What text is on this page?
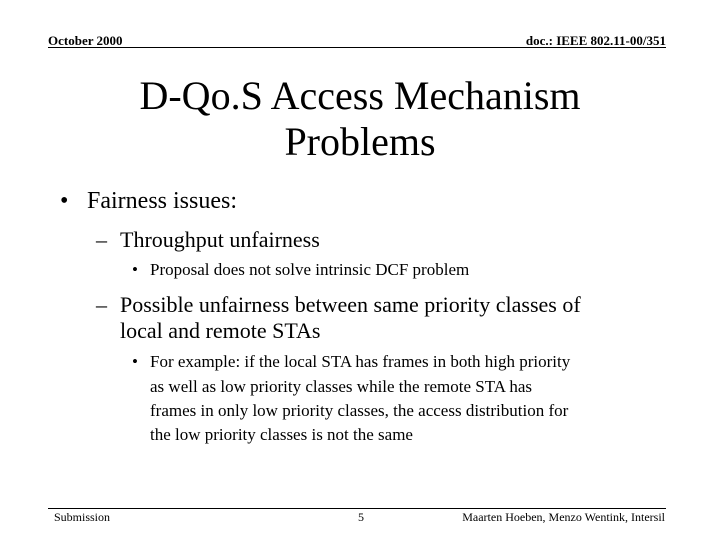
October 2000	doc.: IEEE 802.11-00/351
D-Qo.S Access Mechanism
Problems
• Fairness issues:
– Throughput unfairness
• Proposal does not solve intrinsic DCF problem
– Possible unfairness between same priority classes of
local and remote STAs
• For example: if the local STA has frames in both high priority
as well as low priority classes while the remote STA has
frames in only low priority classes, the access distribution for
the low priority classes is not the same
Submission	5	Maarten Hoeben, Menzo Wentink, Intersil
